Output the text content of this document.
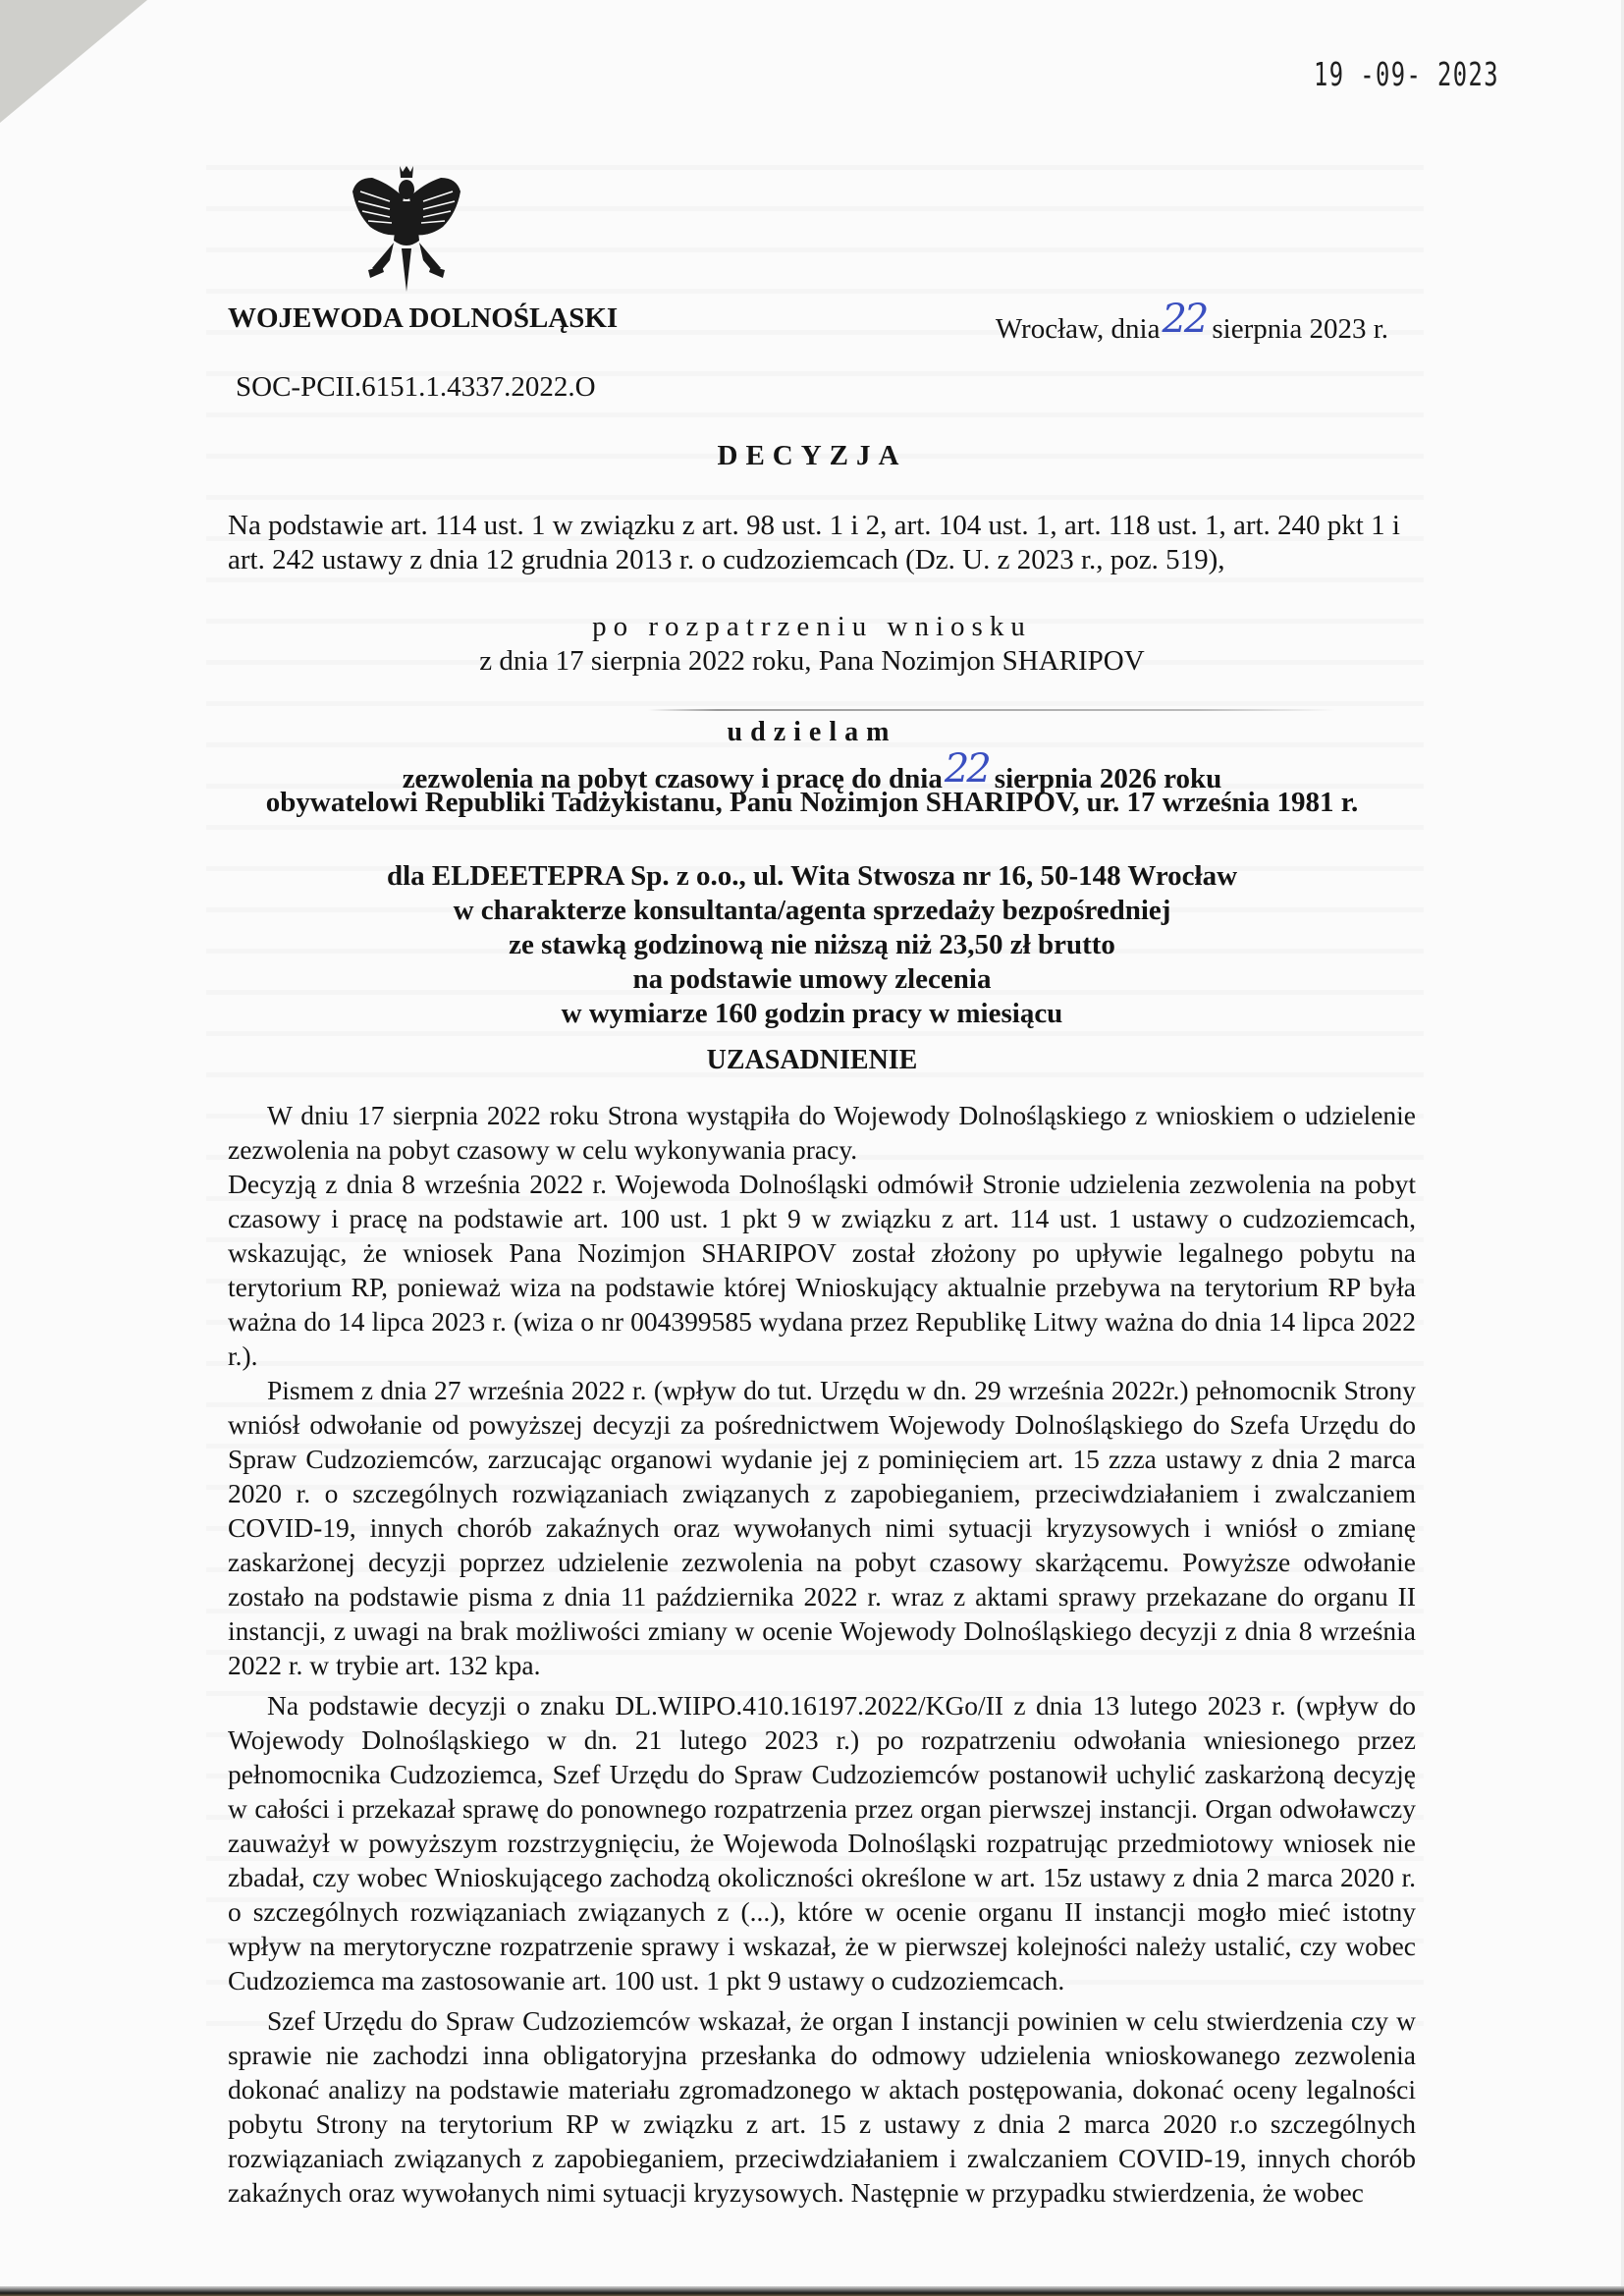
19 -09- 2023
WOJEWODA DOLNOŚLĄSKI	Wrocław, dnia22 sierpnia 2023 r.
SOC-PCII.6151.1.4337.2022.O
DECYZJA
Na podstawie art. 114 ust. 1 w związku z art. 98 ust. 1 i 2, art. 104 ust. 1, art. 118 ust. 1, art. 240 pkt 1 i art. 242 ustawy z dnia 12 grudnia 2013 r. o cudzoziemcach (Dz. U. z 2023 r., poz. 519),
po rozpatrzeniu wniosku
z dnia 17 sierpnia 2022 roku, Pana Nozimjon SHARIPOV
udzielam
zezwolenia na pobyt czasowy i pracę do dnia22 sierpnia 2026 roku
obywatelowi Republiki Tadżykistanu, Panu Nozimjon SHARIPOV, ur. 17 września 1981 r.
dla ELDEETEPRA Sp. z o.o., ul. Wita Stwosza nr 16, 50-148 Wrocław
w charakterze konsultanta/agenta sprzedaży bezpośredniej
ze stawką godzinową nie niższą niż 23,50 zł brutto
na podstawie umowy zlecenia
w wymiarze 160 godzin pracy w miesiącu
UZASADNIENIE

W dniu 17 sierpnia 2022 roku Strona wystąpiła do Wojewody Dolnośląskiego z wnioskiem o udzielenie zezwolenia na pobyt czasowy w celu wykonywania pracy.

Decyzją z dnia 8 września 2022 r. Wojewoda Dolnośląski odmówił Stronie udzielenia zezwolenia na pobyt czasowy i pracę na podstawie art. 100 ust. 1 pkt 9 w związku z art. 114 ust. 1 ustawy o cudzoziemcach, wskazując, że wniosek Pana Nozimjon SHARIPOV został złożony po upływie legalnego pobytu na terytorium RP, ponieważ wiza na podstawie której Wnioskujący aktualnie przebywa na terytorium RP była ważna do 14 lipca 2023 r. (wiza o nr 004399585 wydana przez Republikę Litwy ważna do dnia 14 lipca 2022 r.).

Pismem z dnia 27 września 2022 r. (wpływ do tut. Urzędu w dn. 29 września 2022r.) pełnomocnik Strony wniósł odwołanie od powyższej decyzji za pośrednictwem Wojewody Dolnośląskiego do Szefa Urzędu do Spraw Cudzoziemców, zarzucając organowi wydanie jej z pominięciem art. 15 zzza ustawy z dnia 2 marca 2020 r. o szczególnych rozwiązaniach związanych z zapobieganiem, przeciwdziałaniem i zwalczaniem COVID-19, innych chorób zakaźnych oraz wywołanych nimi sytuacji kryzysowych i wniósł o zmianę zaskarżonej decyzji poprzez udzielenie zezwolenia na pobyt czasowy skarżącemu. Powyższe odwołanie zostało na podstawie pisma z dnia 11 października 2022 r. wraz z aktami sprawy przekazane do organu II instancji, z uwagi na brak możliwości zmiany w ocenie Wojewody Dolnośląskiego decyzji z dnia 8 września 2022 r. w trybie art. 132 kpa.

Na podstawie decyzji o znaku DL.WIIPO.410.16197.2022/KGo/II z dnia 13 lutego 2023 r. (wpływ do Wojewody Dolnośląskiego w dn. 21 lutego 2023 r.) po rozpatrzeniu odwołania wniesionego przez pełnomocnika Cudzoziemca, Szef Urzędu do Spraw Cudzoziemców postanowił uchylić zaskarżoną decyzję w całości i przekazał sprawę do ponownego rozpatrzenia przez organ pierwszej instancji. Organ odwoławczy zauważył w powyższym rozstrzygnięciu, że Wojewoda Dolnośląski rozpatrując przedmiotowy wniosek nie zbadał, czy wobec Wnioskującego zachodzą okoliczności określone w art. 15z ustawy z dnia 2 marca 2020 r. o szczególnych rozwiązaniach związanych z (...), które w ocenie organu II instancji mogło mieć istotny wpływ na merytoryczne rozpatrzenie sprawy i wskazał, że w pierwszej kolejności należy ustalić, czy wobec Cudzoziemca ma zastosowanie art. 100 ust. 1 pkt 9 ustawy o cudzoziemcach.

Szef Urzędu do Spraw Cudzoziemców wskazał, że organ I instancji powinien w celu stwierdzenia czy w sprawie nie zachodzi inna obligatoryjna przesłanka do odmowy udzielenia wnioskowanego zezwolenia dokonać analizy na podstawie materiału zgromadzonego w aktach postępowania, dokonać oceny legalności pobytu Strony na terytorium RP w związku z art. 15 z ustawy z dnia 2 marca 2020 r.o szczególnych rozwiązaniach związanych z zapobieganiem, przeciwdziałaniem i zwalczaniem COVID-19, innych chorób zakaźnych oraz wywołanych nimi sytuacji kryzysowych. Następnie w przypadku stwierdzenia, że wobec
